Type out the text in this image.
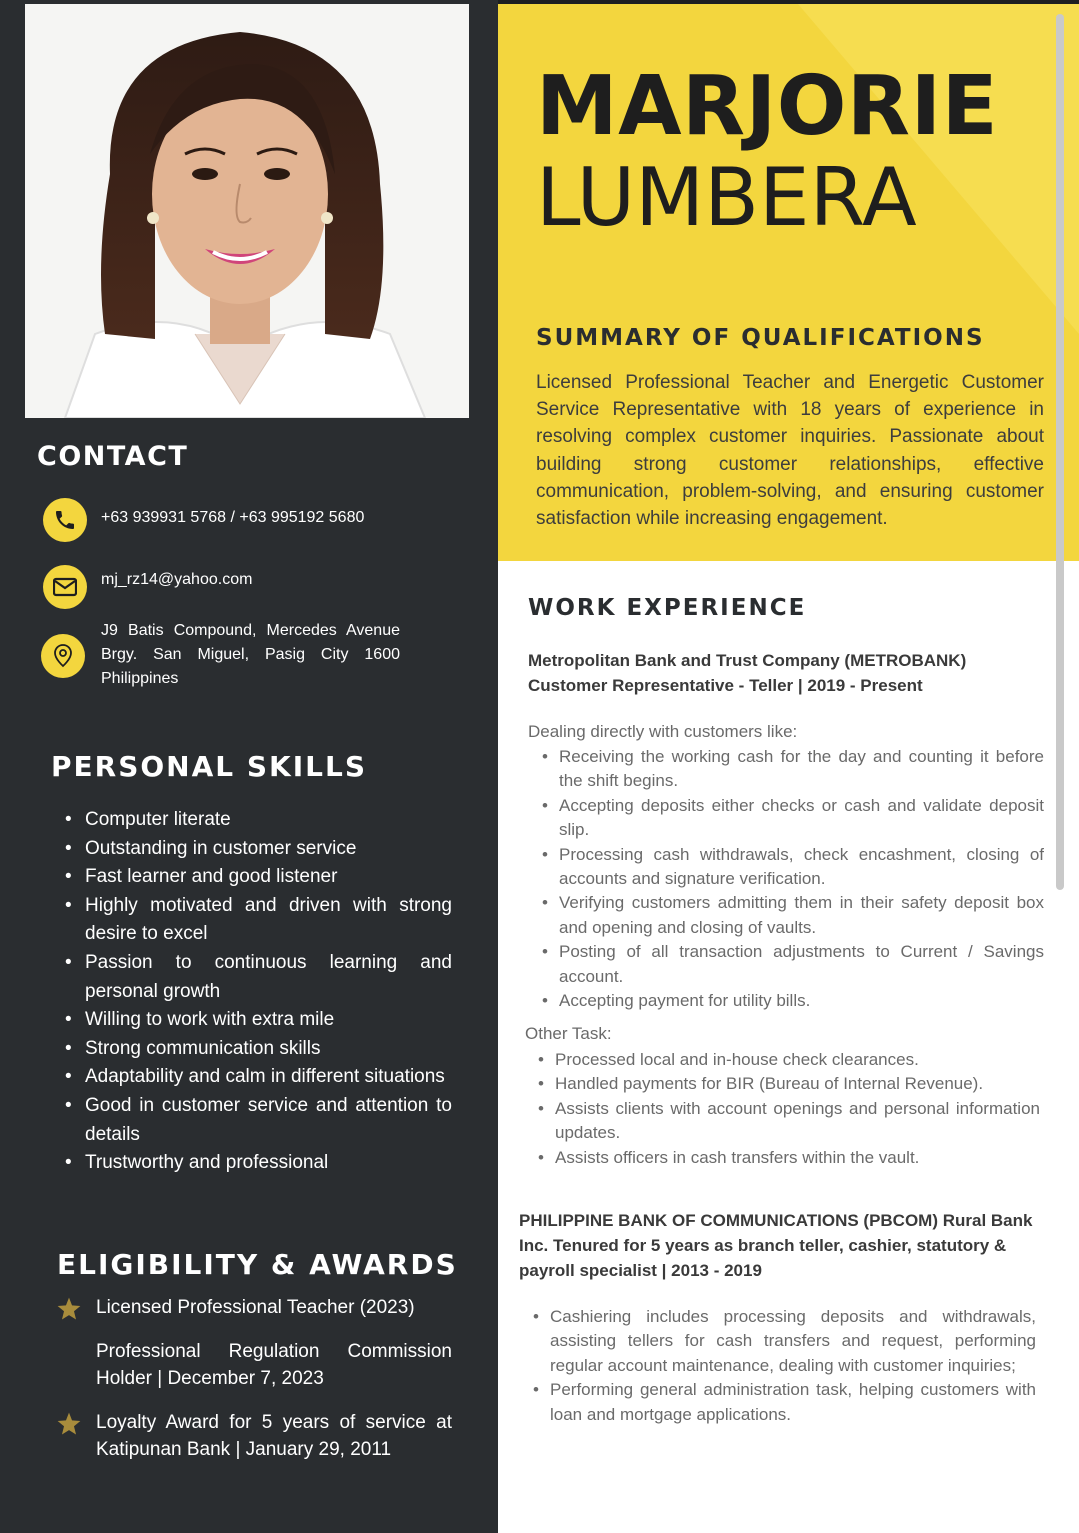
CONTACT
+63 939931 5768 / +63 995192 5680
mj_rz14@yahoo.com
J9 Batis Compound, Mercedes Avenue Brgy. San Miguel, Pasig City 1600 Philippines
PERSONAL SKILLS
• Computer literate
• Outstanding in customer service
• Fast learner and good listener
• Highly motivated and driven with strong desire to excel
• Passion to continuous learning and personal growth
• Willing to work with extra mile
• Strong communication skills
• Adaptability and calm in different situations
• Good in customer service and attention to details
• Trustworthy and professional
ELIGIBILITY & AWARDS
Licensed Professional Teacher (2023)
Professional Regulation Commission Holder | December 7, 2023
Loyalty Award for 5 years of service at Katipunan Bank | January 29, 2011
MARJORIE
LUMBERA
SUMMARY OF QUALIFICATIONS
Licensed Professional Teacher and Energetic Customer Service Representative with 18 years of experience in resolving complex customer inquiries. Passionate about building strong customer relationships, effective communication, problem-solving, and ensuring customer satisfaction while increasing engagement.
WORK EXPERIENCE
Metropolitan Bank and Trust Company (METROBANK)
Customer Representative - Teller | 2019 - Present
Dealing directly with customers like:
• Receiving the working cash for the day and counting it before the shift begins.
• Accepting deposits either checks or cash and validate deposit slip.
• Processing cash withdrawals, check encashment, closing of accounts and signature verification.
• Verifying customers admitting them in their safety deposit box and opening and closing of vaults.
• Posting of all transaction adjustments to Current / Savings account.
• Accepting payment for utility bills.
Other Task:
• Processed local and in-house check clearances.
• Handled payments for BIR (Bureau of Internal Revenue).
• Assists clients with account openings and personal information updates.
• Assists officers in cash transfers within the vault.
PHILIPPINE BANK OF COMMUNICATIONS (PBCOM) Rural Bank Inc. Tenured for 5 years as branch teller, cashier, statutory & payroll specialist | 2013 - 2019
• Cashiering includes processing deposits and withdrawals, assisting tellers for cash transfers and request, performing regular account maintenance, dealing with customer inquiries;
• Performing general administration task, helping customers with loan and mortgage applications.
